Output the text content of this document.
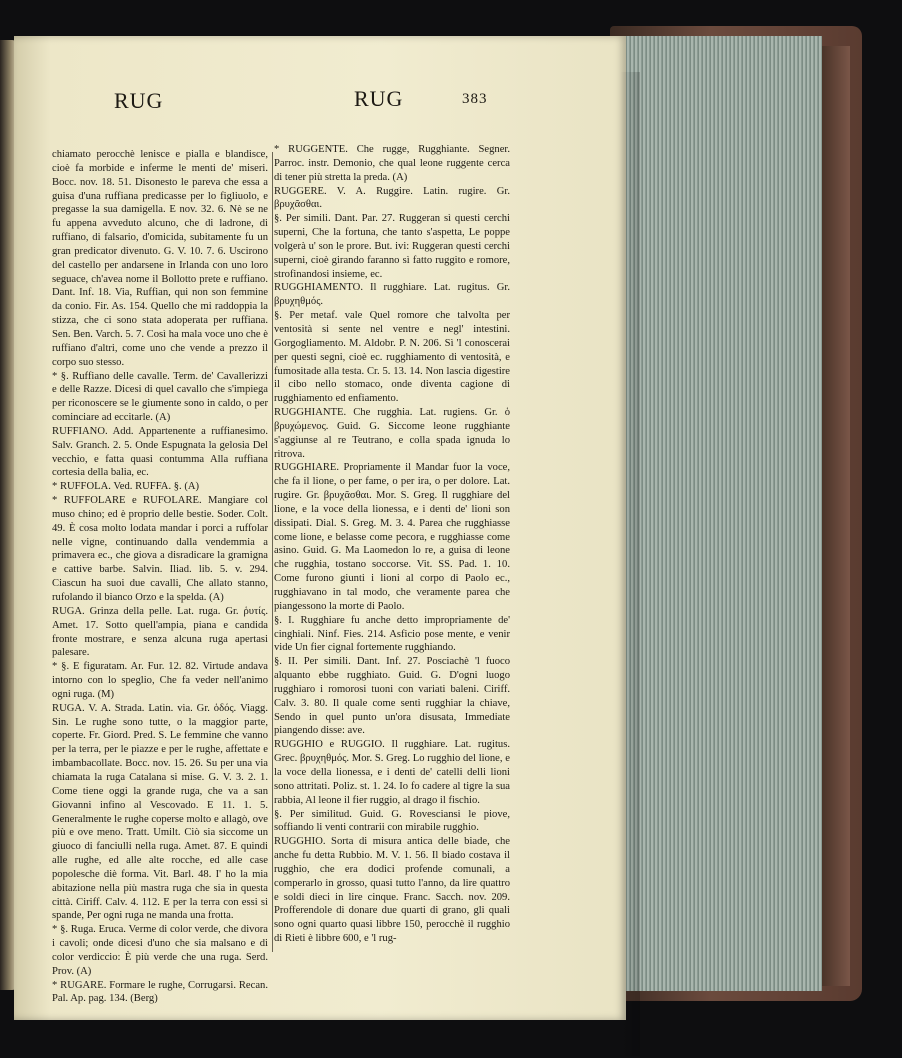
RUG	RUG	383

chiamato perocchè lenisce e pialla e blandisce, cioè fa morbide e inferme le menti de' miseri. Bocc. nov. 18. 51. Disonesto le pareva che essa a guisa d'una ruffiana predicasse per lo figliuolo, e pregasse la sua damigella. E nov. 32. 6. Nè se ne fu appena avveduto alcuno, che di ladrone, di ruffiano, di falsario, d'omicida, subitamente fu un gran predicator divenuto. G. V. 10. 7. 6. Uscirono del castello per andarsene in Irlanda con uno loro seguace, ch'avea nome il Bollotto prete e ruffiano. Dant. Inf. 18. Via, Ruffian, qui non son femmine da conio. Fir. As. 154. Quello che mi raddoppia la stizza, che ci sono stata adoperata per ruffiana. Sen. Ben. Varch. 5. 7. Così ha mala voce uno che è ruffiano d'altri, come uno che vende a prezzo il corpo suo stesso.

* §. Ruffiano delle cavalle. Term. de' Cavallerizzi e delle Razze. Dicesi di quel cavallo che s'impiega per riconoscere se le giumente sono in caldo, o per cominciare ad eccitarle. (A)

RUFFIANO. Add. Appartenente a ruffianesimo. Salv. Granch. 2. 5. Onde Espugnata la gelosia Del vecchio, e fatta quasi contumma Alla ruffiana cortesia della balia, ec.

* RUFFOLA. Ved. RUFFA. §. (A)

* RUFFOLARE e RUFOLARE. Mangiare col muso chino; ed è proprio delle bestie. Soder. Colt. 49. È cosa molto lodata mandar i porci a ruffolar nelle vigne, continuando dalla vendemmia a primavera ec., che giova a disradicare la gramigna e cattive barbe. Salvin. Iliad. lib. 5. v. 294. Ciascun ha suoi due cavalli, Che allato stanno, rufolando il bianco Orzo e la spelda. (A)

RUGA. Grinza della pelle. Lat. ruga. Gr. ῥυτίς. Amet. 17. Sotto quell'ampia, piana e candida fronte mostrare, e senza alcuna ruga apertasi palesare.

* §. E figuratam. Ar. Fur. 12. 82. Virtude andava intorno con lo speglio, Che fa veder nell'animo ogni ruga. (M)

RUGA. V. A. Strada. Latin. via. Gr. ὁδός. Viagg. Sin. Le rughe sono tutte, o la maggior parte, coperte. Fr. Giord. Pred. S. Le femmine che vanno per la terra, per le piazze e per le rughe, affettate e imbambacollate. Bocc. nov. 15. 26. Su per una via chiamata la ruga Catalana si mise. G. V. 3. 2. 1. Come tiene oggi la grande ruga, che va a san Giovanni infino al Vescovado. E 11. 1. 5. Generalmente le rughe coperse molto e allagò, ove più e ove meno. Tratt. Umilt. Ciò sia siccome un giuoco di fanciulli nella ruga. Amet. 87. E quindi alle rughe, ed alle alte rocche, ed alle case popolesche diè forma. Vit. Barl. 48. I' ho la mia abitazione nella più mastra ruga che sia in questa città. Ciriff. Calv. 4. 112. E per la terra con essi si spande, Per ogni ruga ne manda una frotta.

* §. Ruga. Eruca. Verme di color verde, che divora i cavoli; onde dicesi d'uno che sia malsano e di color verdiccio: È più verde che una ruga. Serd. Prov. (A)

* RUGARE. Formare le rughe, Corrugarsi. Recan. Pal. Ap. pag. 134. (Berg)

* RUGGENTE. Che rugge, Rugghiante. Segner. Parroc. instr. Demonio, che qual leone ruggente cerca di tener più stretta la preda. (A)

RUGGERE. V. A. Ruggire. Latin. rugire. Gr. βρυχᾶσθαι.

§. Per simili. Dant. Par. 27. Ruggeran sì questi cerchi superni, Che la fortuna, che tanto s'aspetta, Le poppe volgerà u' son le prore. But. ivi: Ruggeran questi cerchi superni, cioè girando faranno sì fatto ruggito e romore, strofinandosi insieme, ec.

RUGGHIAMENTO. Il rugghiare. Lat. rugitus. Gr. βρυχηθμός.

§. Per metaf. vale Quel romore che talvolta per ventosità si sente nel ventre e negl' intestini. Gorgogliamento. M. Aldobr. P. N. 206. Sì 'l conoscerai per questi segni, cioè ec. rugghiamento di ventosità, e fumositade alla testa. Cr. 5. 13. 14. Non lascia digestire il cibo nello stomaco, onde diventa cagione di rugghiamento ed enfiamento.

RUGGHIANTE. Che rugghia. Lat. rugiens. Gr. ὁ βρυχώμενος. Guid. G. Siccome leone rugghiante s'aggiunse al re Teutrano, e colla spada ignuda lo ritrova.

RUGGHIARE. Propriamente il Mandar fuor la voce, che fa il lione, o per fame, o per ira, o per dolore. Lat. rugire. Gr. βρυχᾶσθαι. Mor. S. Greg. Il rugghiare del lione, e la voce della lionessa, e i denti de' lioni son dissipati. Dial. S. Greg. M. 3. 4. Parea che rugghiasse come lione, e belasse come pecora, e rugghiasse come asino. Guid. G. Ma Laomedon lo re, a guisa di leone che rugghia, tostano soccorse. Vit. SS. Pad. 1. 10. Come furono giunti i lioni al corpo di Paolo ec., rugghiavano in tal modo, che veramente parea che piangessono la morte di Paolo.

§. I. Rugghiare fu anche detto impropriamente de' cinghiali. Ninf. Fies. 214. Asficio pose mente, e venir vide Un fier cignal fortemente rugghiando.

§. II. Per simili. Dant. Inf. 27. Posciachè 'l fuoco alquanto ebbe rugghiato. Guid. G. D'ogni luogo rugghiaro i romorosi tuoni con variati baleni. Ciriff. Calv. 3. 80. Il quale come senti rugghiar la chiave, Sendo in quel punto un'ora disusata, Immediate piangendo disse: ave.

RUGGHIO e RUGGIO. Il rugghiare. Lat. rugitus. Grec. βρυχηθμός. Mor. S. Greg. Lo rugghio del lione, e la voce della lionessa, e i denti de' catelli delli lioni sono attritati. Poliz. st. 1. 24. Io fo cadere al tigre la sua rabbia, Al leone il fier ruggio, al drago il fischio.

§. Per similitud. Guid. G. Rovesciansi le piove, soffiando li venti contrarii con mirabile rugghio.

RUGGHIO. Sorta di misura antica delle biade, che anche fu detta Rubbio. M. V. 1. 56. Il biado costava il rugghio, che era dodici profende comunali, a comperarlo in grosso, quasi tutto l'anno, da lire quattro e soldi dieci in lire cinque. Franc. Sacch. nov. 209. Profferendole di donare due quarti di grano, gli quali sono ogni quarto quasi libbre 150, perocchè il rugghio di Rieti è libbre 600, e 'l rug-
